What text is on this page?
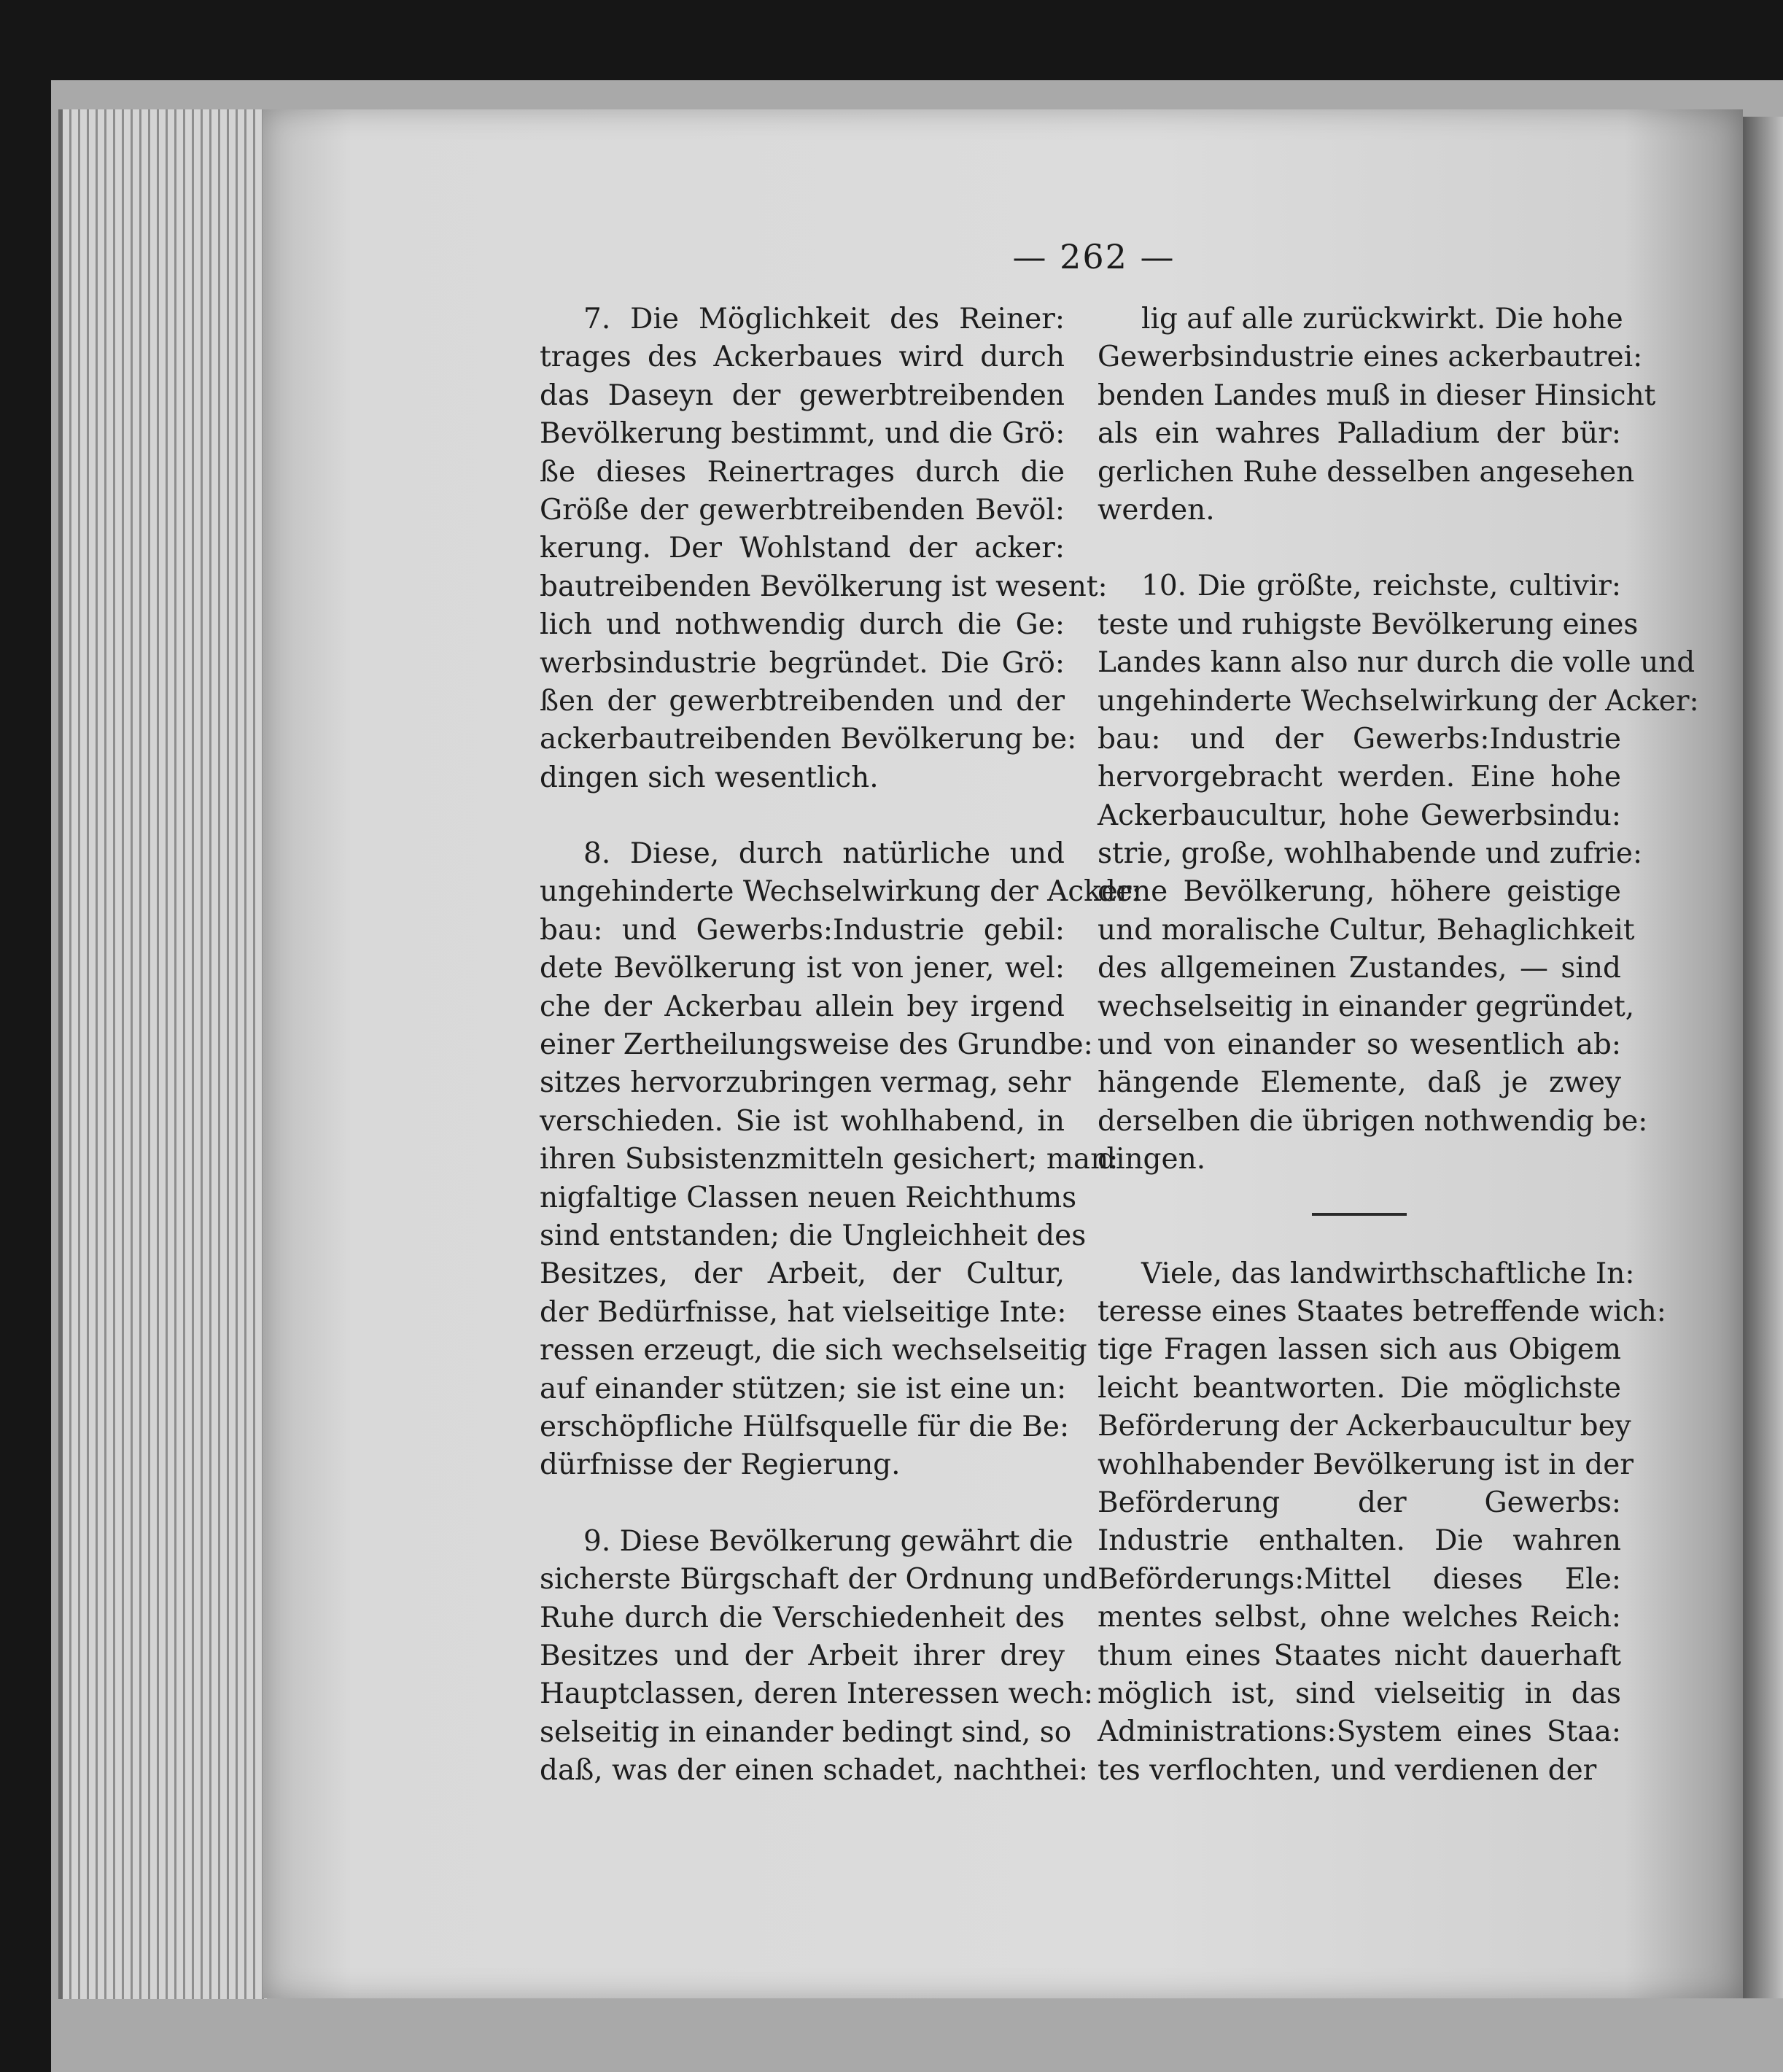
— 262 —
7. Die Möglichkeit des Reiner:
trages des Ackerbaues wird durch
das Daseyn der gewerbtreibenden
Bevölkerung bestimmt, und die Grö:
ße dieses Reinertrages durch die
Größe der gewerbtreibenden Bevöl:
kerung. Der Wohlstand der acker:
bautreibenden Bevölkerung ist wesent:
lich und nothwendig durch die Ge:
werbsindustrie begründet. Die Grö:
ßen der gewerbtreibenden und der
ackerbautreibenden Bevölkerung be:
dingen sich wesentlich.
8. Diese, durch natürliche und
ungehinderte Wechselwirkung der Acker:
bau: und Gewerbs:Industrie gebil:
dete Bevölkerung ist von jener, wel:
che der Ackerbau allein bey irgend
einer Zertheilungsweise des Grundbe:
sitzes hervorzubringen vermag, sehr
verschieden. Sie ist wohlhabend, in
ihren Subsistenzmitteln gesichert; man:
nigfaltige Classen neuen Reichthums
sind entstanden; die Ungleichheit des
Besitzes, der Arbeit, der Cultur,
der Bedürfnisse, hat vielseitige Inte:
ressen erzeugt, die sich wechselseitig
auf einander stützen; sie ist eine un:
erschöpfliche Hülfsquelle für die Be:
dürfnisse der Regierung.
9. Diese Bevölkerung gewährt die
sicherste Bürgschaft der Ordnung und
Ruhe durch die Verschiedenheit des
Besitzes und der Arbeit ihrer drey
Hauptclassen, deren Interessen wech:
selseitig in einander bedingt sind, so
daß, was der einen schadet, nachthei:
lig auf alle zurückwirkt. Die hohe
Gewerbsindustrie eines ackerbautrei:
benden Landes muß in dieser Hinsicht
als ein wahres Palladium der bür:
gerlichen Ruhe desselben angesehen
werden.
10. Die größte, reichste, cultivir:
teste und ruhigste Bevölkerung eines
Landes kann also nur durch die volle und
ungehinderte Wechselwirkung der Acker:
bau: und der Gewerbs:Industrie
hervorgebracht werden. Eine hohe
Ackerbaucultur, hohe Gewerbsindu:
strie, große, wohlhabende und zufrie:
dene Bevölkerung, höhere geistige
und moralische Cultur, Behaglichkeit
des allgemeinen Zustandes, — sind
wechselseitig in einander gegründet,
und von einander so wesentlich ab:
hängende Elemente, daß je zwey
derselben die übrigen nothwendig be:
dingen.
Viele, das landwirthschaftliche In:
teresse eines Staates betreffende wich:
tige Fragen lassen sich aus Obigem
leicht beantworten. Die möglichste
Beförderung der Ackerbaucultur bey
wohlhabender Bevölkerung ist in der
Beförderung der Gewerbs:
Industrie enthalten. Die wahren
Beförderungs:Mittel dieses Ele:
mentes selbst, ohne welches Reich:
thum eines Staates nicht dauerhaft
möglich ist, sind vielseitig in das
Administrations:System eines Staa:
tes verflochten, und verdienen der
